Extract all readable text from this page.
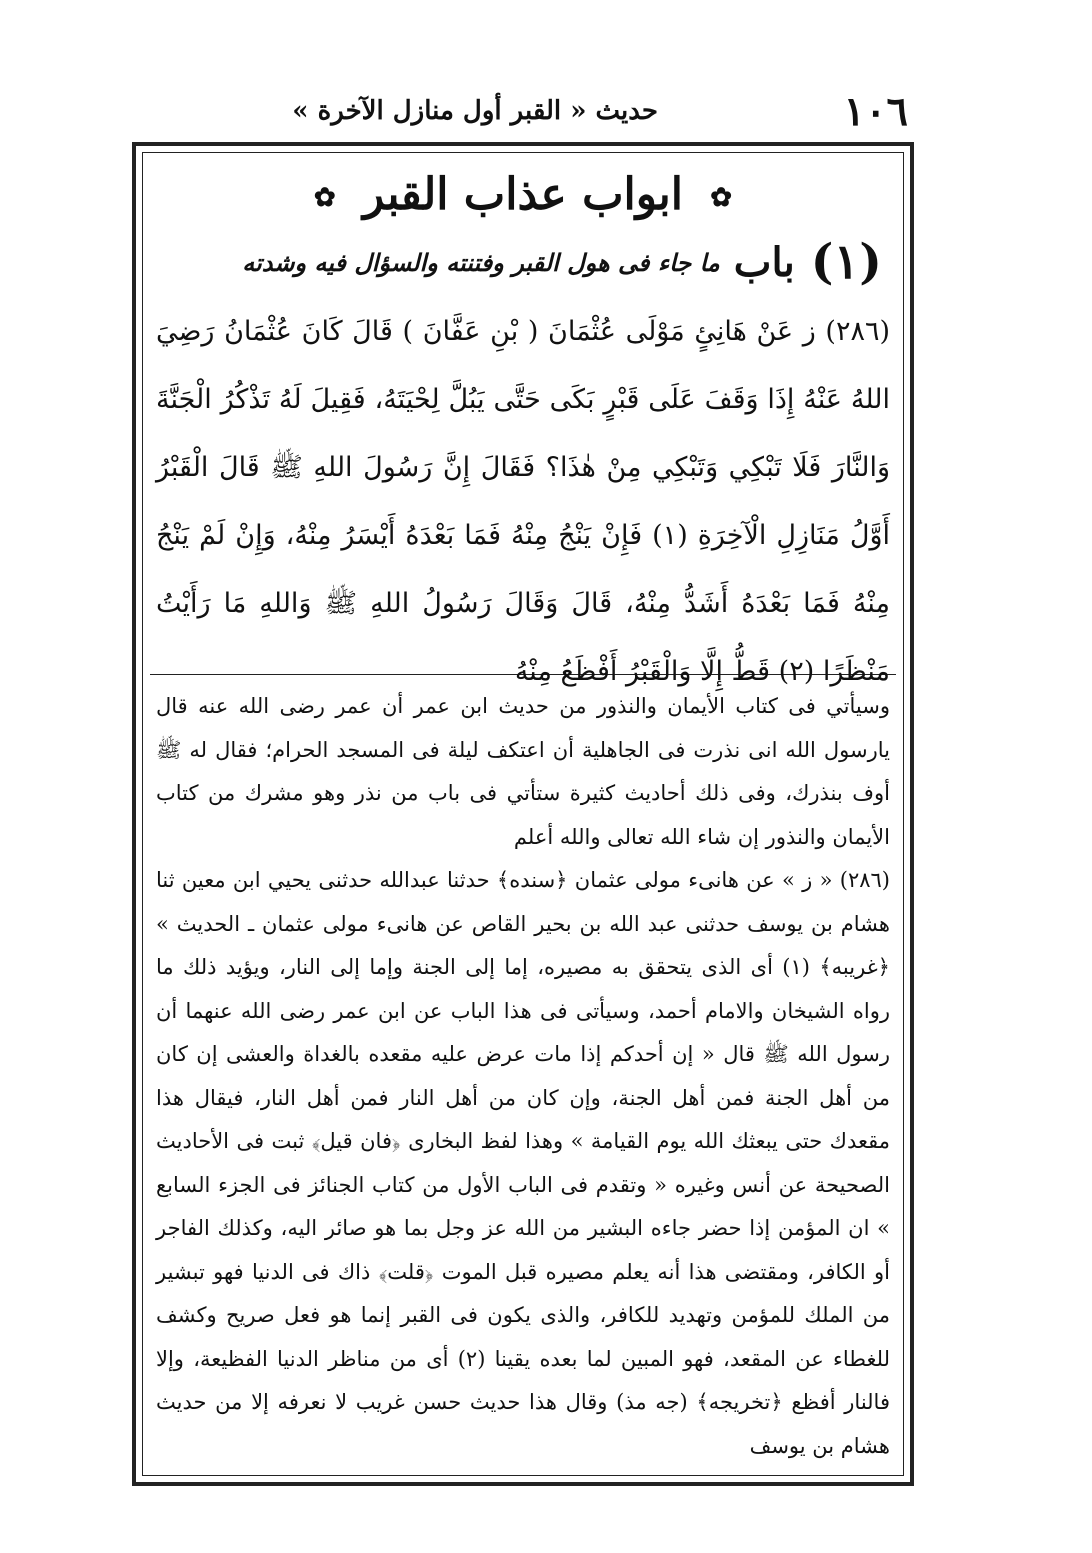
١٠٦
حديث « القبر أول منازل الآخرة »
✿ ابواب عذاب القبر ✿
(١)
باب
ما جاء فى هول القبر وفتنته والسؤال فيه وشدته
(٢٨٦) ز عَنْ هَانِئٍ مَوْلَى عُثْمَانَ ( بْنِ عَفَّانَ ) قَالَ كَانَ عُثْمَانُ رَضِيَ اللهُ عَنْهُ إِذَا وَقَفَ عَلَى قَبْرٍ بَكَى حَتَّى يَبُلَّ لِحْيَتَهُ، فَقِيلَ لَهُ تَذْكُرُ الْجَنَّةَ وَالنَّارَ فَلَا تَبْكِي وَتَبْكِي مِنْ هٰذَا؟ فَقَالَ إِنَّ رَسُولَ اللهِ ﷺ قَالَ الْقَبْرُ أَوَّلُ مَنَازِلِ الْآخِرَةِ (١) فَإِنْ يَنْجُ مِنْهُ فَمَا بَعْدَهُ أَيْسَرُ مِنْهُ، وَإِنْ لَمْ يَنْجُ مِنْهُ فَمَا بَعْدَهُ أَشَدُّ مِنْهُ، قَالَ وَقَالَ رَسُولُ اللهِ ﷺ وَاللهِ مَا رَأَيْتُ مَنْظَرًا (٢) قَطُّ إِلَّا وَالْقَبْرُ أَفْظَعُ مِنْهُ

وسيأتي فى كتاب الأيمان والنذور من حديث ابن عمر أن عمر رضى الله عنه قال يارسول الله انى نذرت فى الجاهلية أن اعتكف ليلة فى المسجد الحرام؛ فقال له ﷺ أوف بنذرك، وفى ذلك أحاديث كثيرة ستأتي فى باب من نذر وهو مشرك من كتاب الأيمان والنذور إن شاء الله تعالى والله أعلم

(٢٨٦) « ز » عن هانىء مولى عثمان ﴿سنده﴾ حدثنا عبدالله حدثنى يحيي ابن معين ثنا هشام بن يوسف حدثنى عبد الله بن بحير القاص عن هانىء مولى عثمان ـ الحديث » ﴿غريبه﴾ (١) أى الذى يتحقق به مصيره، إما إلى الجنة وإما إلى النار، ويؤيد ذلك ما رواه الشيخان والامام أحمد، وسيأتى فى هذا الباب عن ابن عمر رضى الله عنهما أن رسول الله ﷺ قال « إن أحدكم إذا مات عرض عليه مقعده بالغداة والعشى إن كان من أهل الجنة فمن أهل الجنة، وإن كان من أهل النار فمن أهل النار، فيقال هذا مقعدك حتى يبعثك الله يوم القيامة » وهذا لفظ البخارى ﴿فان قيل﴾ ثبت فى الأحاديث الصحيحة عن أنس وغيره « وتقدم فى الباب الأول من كتاب الجنائز فى الجزء السابع » ان المؤمن إذا حضر جاءه البشير من الله عز وجل بما هو صائر اليه، وكذلك الفاجر أو الكافر، ومقتضى هذا أنه يعلم مصيره قبل الموت ﴿قلت﴾ ذاك فى الدنيا فهو تبشير من الملك للمؤمن وتهديد للكافر، والذى يكون فى القبر إنما هو فعل صريح وكشف للغطاء عن المقعد، فهو المبين لما بعده يقينا (٢) أى من مناظر الدنيا الفظيعة، وإلا فالنار أفظع ﴿تخريجه﴾ (جه مذ) وقال هذا حديث حسن غريب لا نعرفه إلا من حديث هشام بن يوسف
